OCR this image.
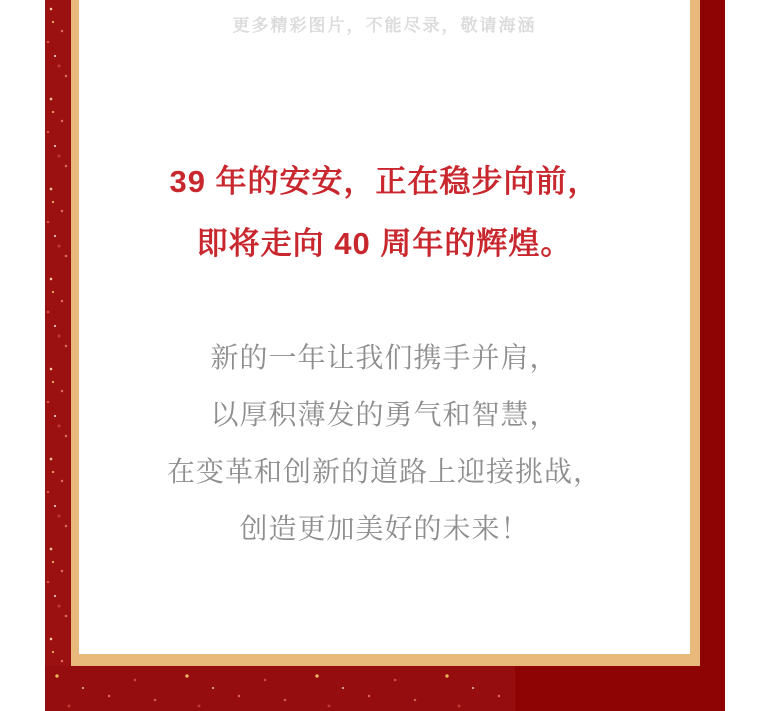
更多精彩图片，不能尽录，敬请海涵
39 年的安安，正在稳步向前，
即将走向 40 周年的辉煌。
新的一年让我们携手并肩，
以厚积薄发的勇气和智慧，
在变革和创新的道路上迎接挑战，
创造更加美好的未来！
